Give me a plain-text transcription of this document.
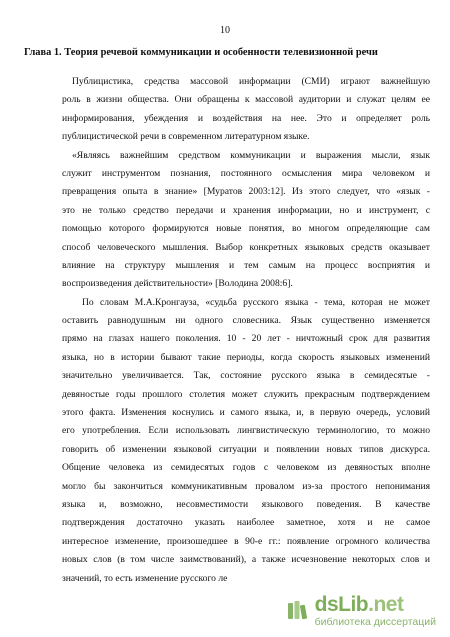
10
Глава 1. Теория речевой коммуникации и особенности телевизионной речи
Публицистика, средства массовой информации (СМИ) играют важнейшую
роль в жизни общества. Они обращены к массовой аудитории и служат целям ее
информирования, убеждения и воздействия на нее. Это и определяет роль
публицистической речи в современном литературном языке.
«Являясь важнейшим средством коммуникации и выражения мысли, язык
служит инструментом познания, постоянного осмысления мира человеком и
превращения опыта в знание» [Муратов 2003:12]. Из этого следует, что «язык -
это не только средство передачи и хранения информации, но и инструмент, с
помощью которого формируются новые понятия, во многом определяющие сам
способ человеческого мышления. Выбор конкретных языковых средств оказывает
влияние на структуру мышления и тем самым на процесс восприятия и
воспроизведения действительности» [Володина 2008:6].
По словам М.А.Кронгауза, «судьба русского языка - тема, которая не может
оставить равнодушным ни одного словесника. Язык существенно изменяется
прямо на глазах нашего поколения. 10 - 20 лет - ничтожный срок для развития
языка, но в истории бывают такие периоды, когда скорость языковых изменений
значительно увеличивается. Так, состояние русского языка в семидесятые -
девяностые годы прошлого столетия может служить прекрасным подтверждением
этого факта. Изменения коснулись и самого языка, и, в первую очередь, условий
его употребления. Если использовать лингвистическую терминологию, то можно
говорить об изменении языковой ситуации и появлении новых типов дискурса.
Общение человека из семидесятых годов с человеком из девяностых вполне
могло бы закончиться коммуникативным провалом из-за простого непонимания
языка и, возможно, несовместимости языкового поведения. В качестве
подтверждения достаточно указать наиболее заметное, хотя и не самое
интересное изменение, произошедшее в 90-е гг.: появление огромного количества
новых слов (в том числе заимствований), а также исчезновение некоторых слов и
значений, то есть изменение русского ле
dsLib.net
библиотека диссертаций
